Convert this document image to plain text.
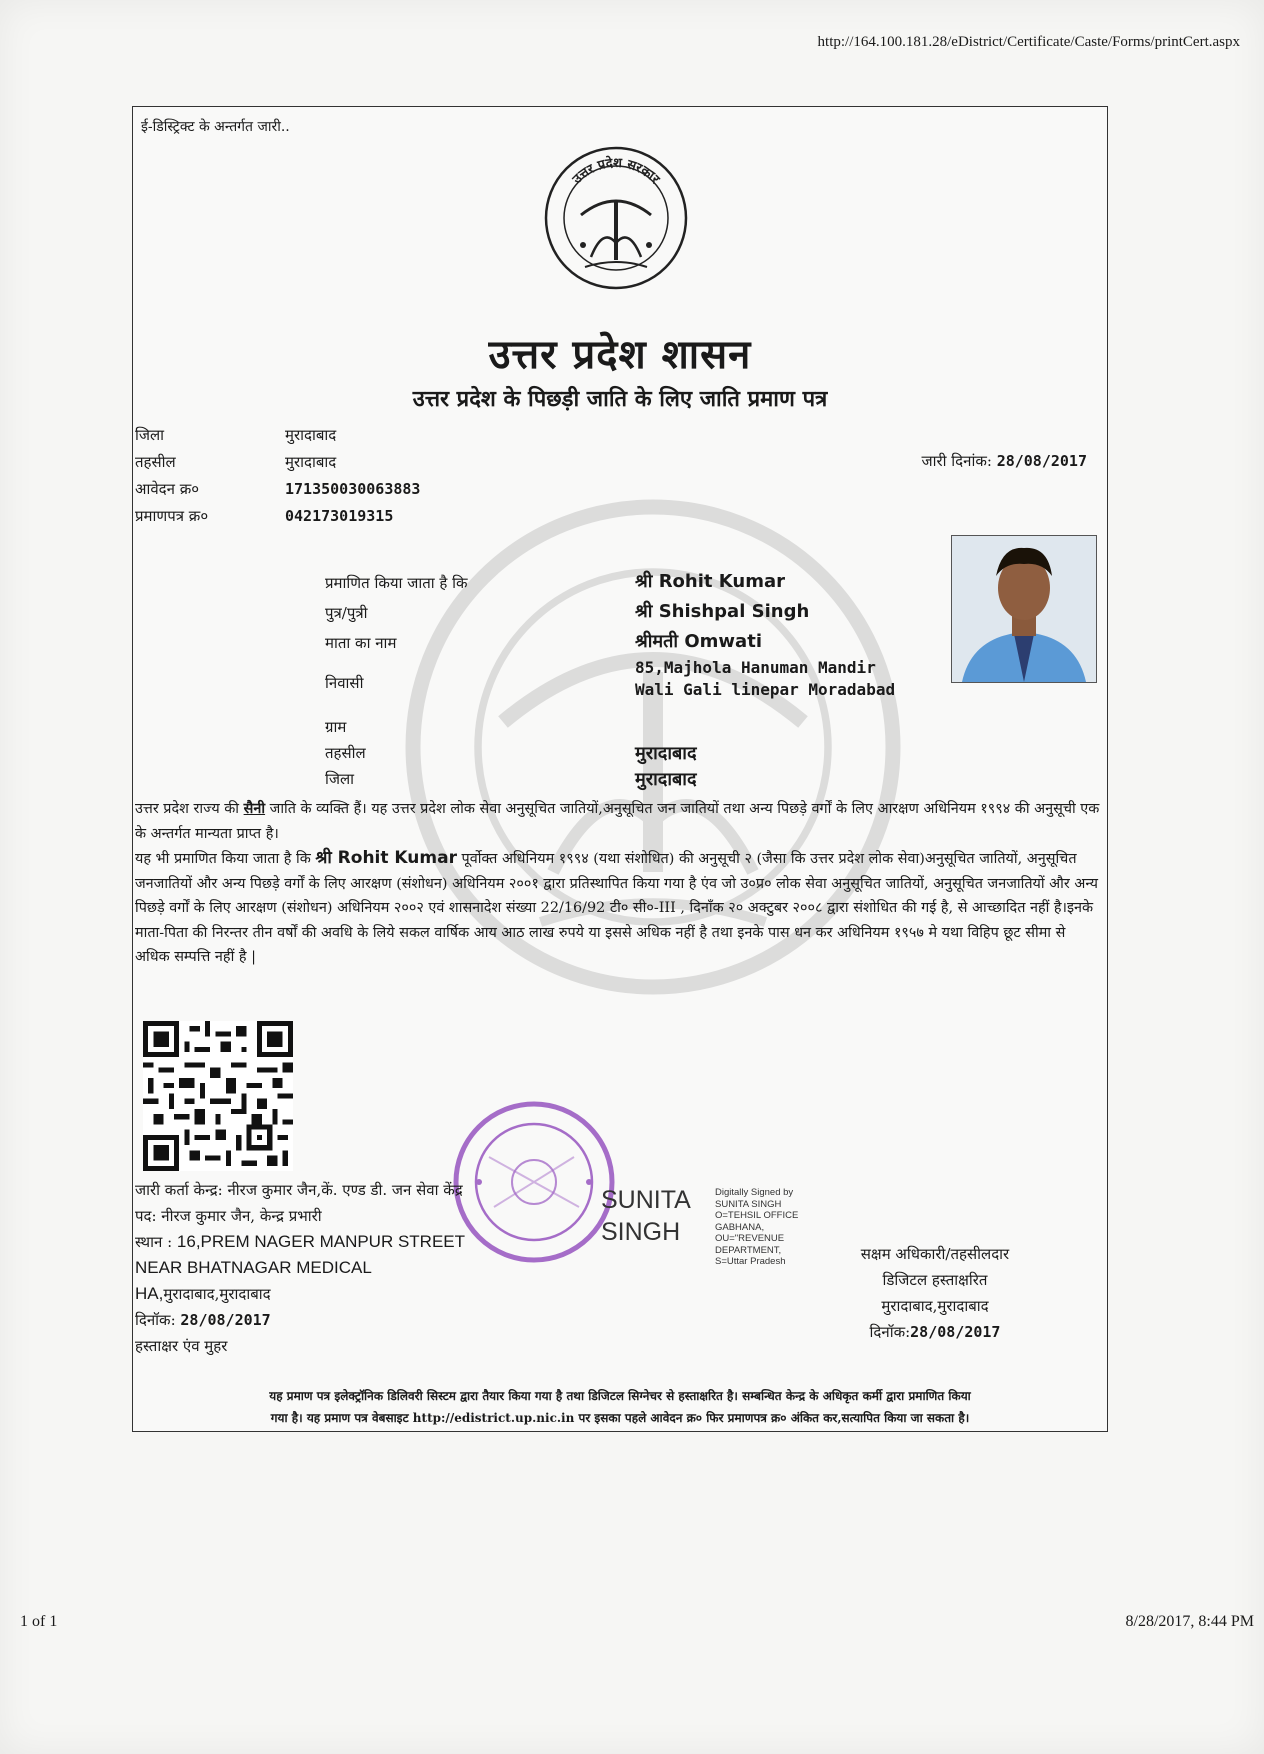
http://164.100.181.28/eDistrict/Certificate/Caste/Forms/printCert.aspx
ई-डिस्ट्रिक्ट के अन्तर्गत जारी..
उत्तर प्रदेश सरकार
उत्तर प्रदेश शासन
उत्तर प्रदेश के पिछड़ी जाति के लिए जाति प्रमाण पत्र
जिला	मुरादाबाद
तहसील	मुरादाबाद
आवेदन क्र०	171350030063883
प्रमाणपत्र क्र०	042173019315
जारी दिनांक: 28/08/2017
प्रमाणित किया जाता है कि	श्री Rohit Kumar
पुत्र/पुत्री	श्री Shishpal Singh
माता का नाम	श्रीमती Omwati
निवासी
85,Majhola Hanuman Mandir
Wali Gali linepar Moradabad
ग्राम
तहसील	मुरादाबाद
जिला	मुरादाबाद

उत्तर प्रदेश राज्य की सैनी जाति के व्यक्ति हैं। यह उत्तर प्रदेश लोक सेवा अनुसूचित जातियों,अनुसूचित जन जातियों तथा अन्य पिछड़े वर्गों के लिए आरक्षण अधिनियम १९९४ की अनुसूची एक के अन्तर्गत मान्यता प्राप्त है।

यह भी प्रमाणित किया जाता है कि श्री Rohit Kumar पूर्वोक्त अधिनियम १९९४ (यथा संशोधित) की अनुसूची २ (जैसा कि उत्तर प्रदेश लोक सेवा)अनुसूचित जातियों, अनुसूचित जनजातियों और अन्य पिछड़े वर्गों के लिए आरक्षण (संशोधन) अधिनियम २००१ द्वारा प्रतिस्थापित किया गया है एंव जो उ०प्र० लोक सेवा अनुसूचित जातियों, अनुसूचित जनजातियों और अन्य पिछड़े वर्गों के लिए आरक्षण (संशोधन) अधिनियम २००२ एवं शासनादेश संख्या 22/16/92 टी० सी०-III , दिनाँक २० अक्टुबर २००८ द्वारा संशोधित की गई है, से आच्छादित नहीं है।इनके माता-पिता की निरन्तर तीन वर्षों की अवधि के लिये सकल वार्षिक आय आठ लाख रुपये या इससे अधिक नहीं है तथा इनके पास धन कर अधिनियम १९५७ मे यथा विहिप छूट सीमा से अधिक सम्पत्ति नहीं है |

जारी कर्ता केन्द्र: नीरज कुमार जैन,कें. एण्ड डी. जन सेवा केंद्र
पद: नीरज कुमार जैन, केन्द्र प्रभारी
स्थान : 16,PREM NAGER MANPUR STREET
NEAR BHATNAGAR MEDICAL
HA,मुरादाबाद,मुरादाबाद
दिनॉक: 28/08/2017
हस्ताक्षर एंव मुहर
SUNITA
SINGH
Digitally Signed by
SUNITA SINGH
O=TEHSIL OFFICE
GABHANA,
OU="REVENUE
DEPARTMENT,
S=Uttar Pradesh	सक्षम अधिकारी/तहसीलदार
डिजिटल हस्ताक्षरित
मुरादाबाद,मुरादाबाद
दिनॉक:28/08/2017
यह प्रमाण पत्र इलेक्ट्रॉनिक डिलिवरी सिस्टम द्वारा तैयार किया गया है तथा डिजिटल सिग्नेचर से हस्ताक्षरित है। सम्बन्धित केन्द्र के अधिकृत कर्मी द्वारा प्रमाणित किया
गया है। यह प्रमाण पत्र वेबसाइट http://edistrict.up.nic.in पर इसका पहले आवेदन क्र० फिर प्रमाणपत्र क्र० अंकित कर,सत्यापित किया जा सकता है।
1 of 1	8/28/2017, 8:44 PM
